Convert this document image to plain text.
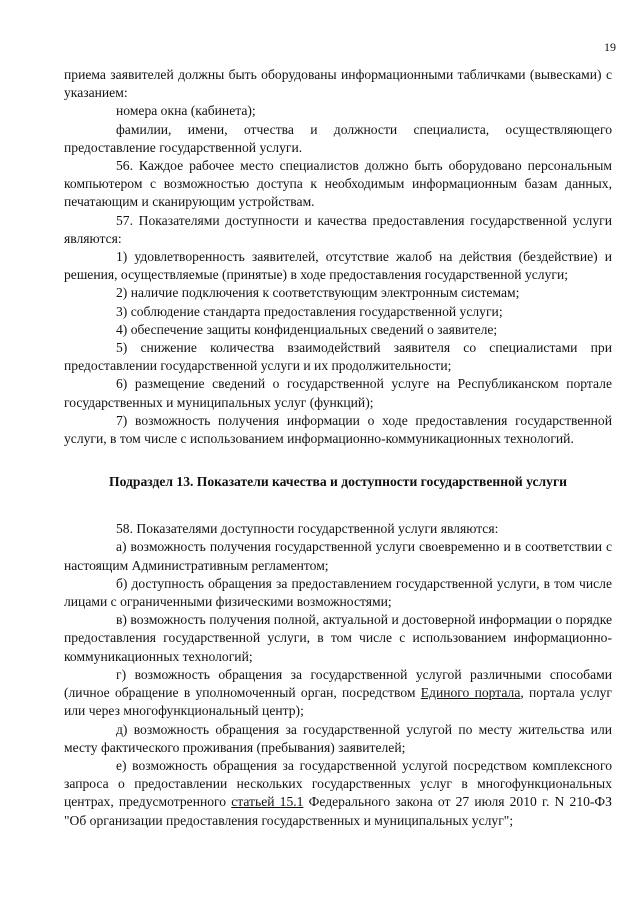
19

приема заявителей должны быть оборудованы информационными табличками (вывесками) с указанием:

номера окна (кабинета);

фамилии, имени, отчества и должности специалиста, осуществляющего предоставление государственной услуги.

56. Каждое рабочее место специалистов должно быть оборудовано персональным компьютером с возможностью доступа к необходимым информационным базам данных, печатающим и сканирующим устройствам.

57. Показателями доступности и качества предоставления государственной услуги являются:

1) удовлетворенность заявителей, отсутствие жалоб на действия (бездействие) и решения, осуществляемые (принятые) в ходе предоставления государственной услуги;

2) наличие подключения к соответствующим электронным системам;

3) соблюдение стандарта предоставления государственной услуги;

4) обеспечение защиты конфиденциальных сведений о заявителе;

5) снижение количества взаимодействий заявителя со специалистами при предоставлении государственной услуги и их продолжительности;

6) размещение сведений о государственной услуге на Республиканском портале государственных и муниципальных услуг (функций);

7) возможность получения информации о ходе предоставления государственной услуги, в том числе с использованием информационно-коммуникационных технологий.

Подраздел 13. Показатели качества и доступности государственной услуги

58. Показателями доступности государственной услуги являются:

а) возможность получения государственной услуги своевременно и в соответствии с настоящим Административным регламентом;

б) доступность обращения за предоставлением государственной услуги, в том числе лицами с ограниченными физическими возможностями;

в) возможность получения полной, актуальной и достоверной информации о порядке предоставления государственной услуги, в том числе с использованием информационно-коммуникационных технологий;

г) возможность обращения за государственной услугой различными способами (личное обращение в уполномоченный орган, посредством Единого портала, портала услуг или через многофункциональный центр);

д) возможность обращения за государственной услугой по месту жительства или месту фактического проживания (пребывания) заявителей;

е) возможность обращения за государственной услугой посредством комплексного запроса о предоставлении нескольких государственных услуг в многофункциональных центрах, предусмотренного статьей 15.1 Федерального закона от 27 июля 2010 г. N 210-ФЗ "Об организации предоставления государственных и муниципальных услуг";
